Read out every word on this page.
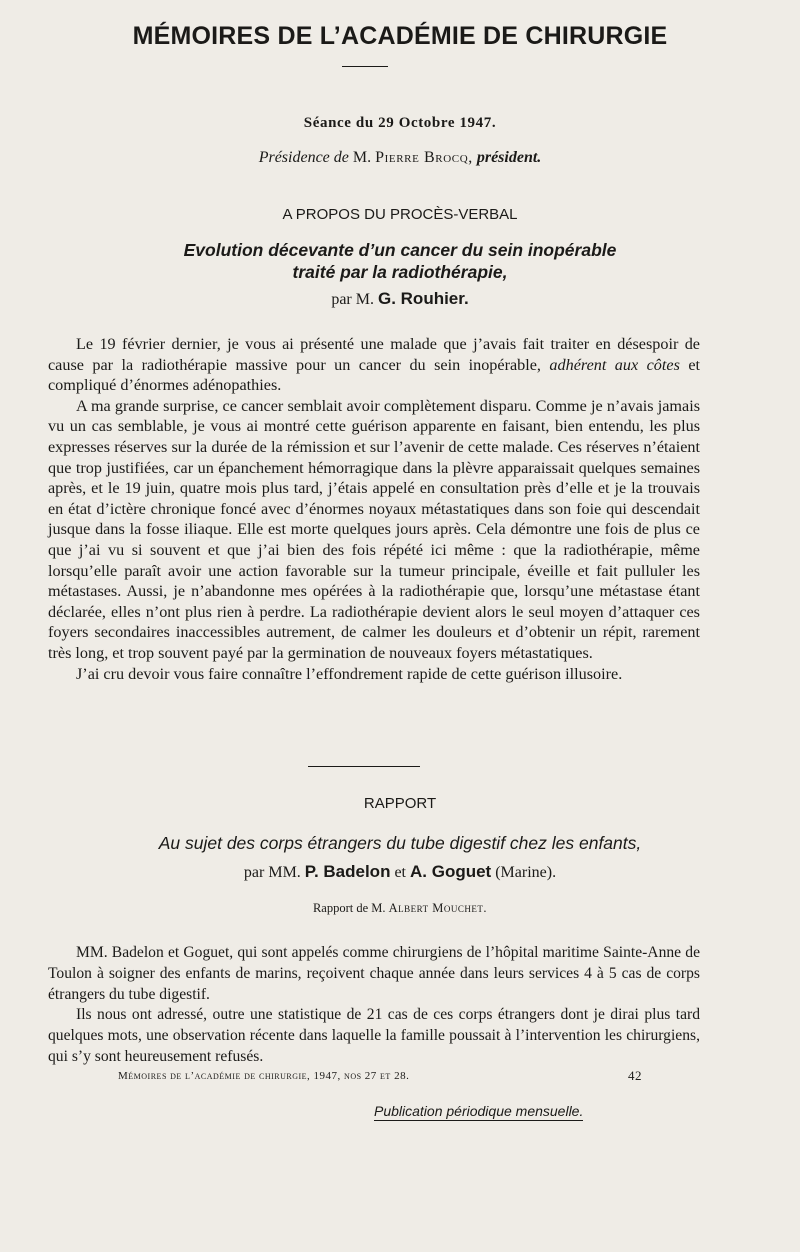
MÉMOIRES DE L’ACADÉMIE DE CHIRURGIE

Séance du 29 Octobre 1947.

Présidence de M. Pierre Brocq, président.

A PROPOS DU PROCÈS-VERBAL

Evolution décevante d’un cancer du sein inopérable
traité par la radiothérapie,

par M. G. Rouhier.

Le 19 février dernier, je vous ai présenté une malade que j’avais fait traiter en désespoir de cause par la radiothérapie massive pour un cancer du sein inopérable, adhérent aux côtes et compliqué d’énormes adénopathies.

A ma grande surprise, ce cancer semblait avoir complètement disparu. Comme je n’avais jamais vu un cas semblable, je vous ai montré cette guérison apparente en faisant, bien entendu, les plus expresses réserves sur la durée de la rémission et sur l’avenir de cette malade. Ces réserves n’étaient que trop justifiées, car un épanchement hémorragique dans la plèvre apparaissait quelques semaines après, et le 19 juin, quatre mois plus tard, j’étais appelé en consultation près d’elle et je la trouvais en état d’ictère chronique foncé avec d’énormes noyaux métastatiques dans son foie qui descendait jusque dans la fosse iliaque. Elle est morte quelques jours après. Cela démontre une fois de plus ce que j’ai vu si souvent et que j’ai bien des fois répété ici même : que la radiothérapie, même lorsqu’elle paraît avoir une action favorable sur la tumeur principale, éveille et fait pulluler les métastases. Aussi, je n’abandonne mes opérées à la radiothérapie que, lorsqu’une métastase étant déclarée, elles n’ont plus rien à perdre. La radiothérapie devient alors le seul moyen d’attaquer ces foyers secondaires inaccessibles autrement, de calmer les douleurs et d’obtenir un répit, rarement très long, et trop souvent payé par la germination de nouveaux foyers métastatiques.

J’ai cru devoir vous faire connaître l’effondrement rapide de cette guérison illusoire.

RAPPORT

Au sujet des corps étrangers du tube digestif chez les enfants,

par MM. P. Badelon et A. Goguet (Marine).

Rapport de M. Albert Mouchet.

MM. Badelon et Goguet, qui sont appelés comme chirurgiens de l’hôpital maritime Sainte-Anne de Toulon à soigner des enfants de marins, reçoivent chaque année dans leurs services 4 à 5 cas de corps étrangers du tube digestif.

Ils nous ont adressé, outre une statistique de 21 cas de ces corps étrangers dont je dirai plus tard quelques mots, une observation récente dans laquelle la famille poussait à l’intervention les chirurgiens, qui s’y sont heureusement refusés.

Mémoires de l’académie de chirurgie, 1947, nos 27 et 28.	42

Publication périodique mensuelle.
